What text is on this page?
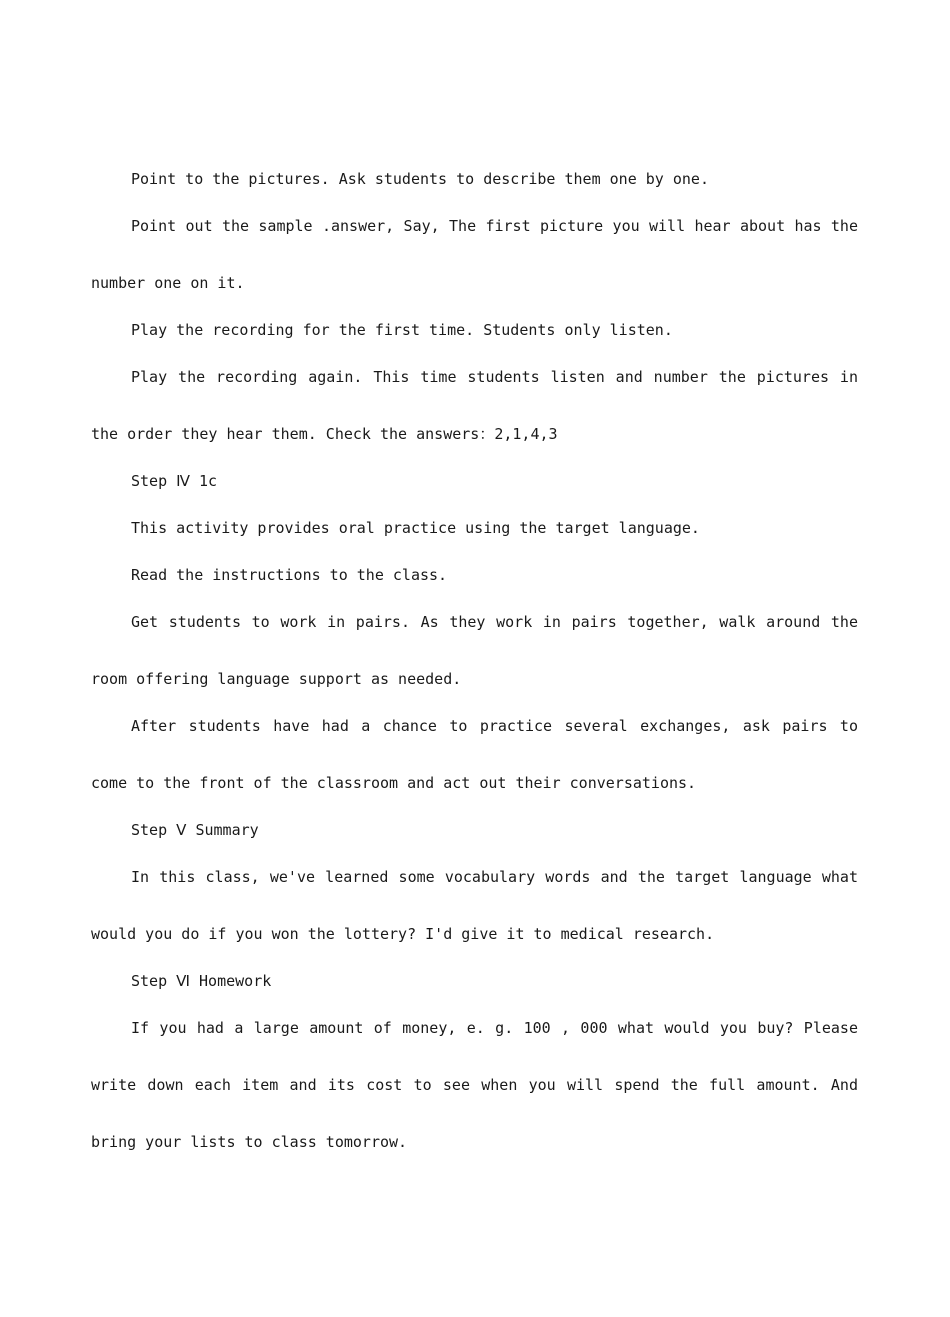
Point to the pictures. Ask students to describe them one by one.

Point out the sample .answer, Say, The first picture you will hear about has the number one on it.

Play the recording for the first time. Students only listen.

Play the recording again. This time students listen and number the pictures in the order they hear them. Check the answers：2,1,4,3

Step Ⅳ 1c

This activity provides oral practice using the target language.

Read the instructions to the class.

Get students to work in pairs. As they work in pairs together, walk around the room offering language support as needed.

After students have had a chance to practice several exchanges, ask pairs to come to the front of the classroom and act out their conversations.

Step Ⅴ Summary

In this class, we've learned some vocabulary words and the target language what would you do if you won the lottery? I'd give it to medical research.

Step Ⅵ Homework

If you had a large amount of money, e. g. 100 , 000 what would you buy? Please write down each item and its cost to see when you will spend the full amount. And bring your lists to class tomorrow.
